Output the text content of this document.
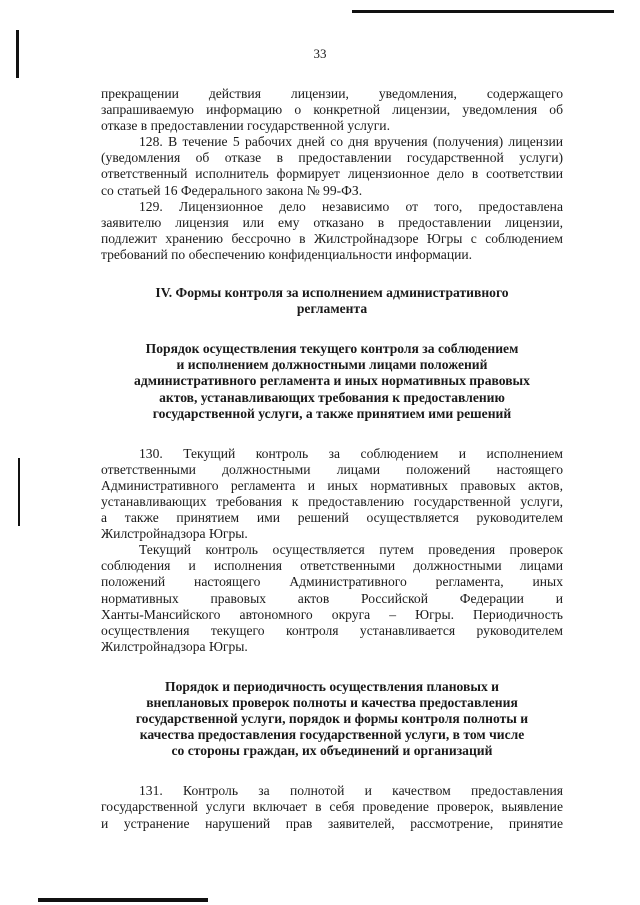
33
прекращении действия лицензии, уведомления, содержащего
запрашиваемую информацию о конкретной лицензии, уведомления об
отказе в предоставлении государственной услуги.
128. В течение 5 рабочих дней со дня вручения (получения) лицензии
(уведомления об отказе в предоставлении государственной услуги)
ответственный исполнитель формирует лицензионное дело в соответствии
со статьей 16 Федерального закона № 99-ФЗ.
129. Лицензионное дело независимо от того, предоставлена
заявителю лицензия или ему отказано в предоставлении лицензии,
подлежит хранению бессрочно в Жилстройнадзоре Югры с соблюдением
требований по обеспечению конфиденциальности информации.
IV. Формы контроля за исполнением административного
регламента
Порядок осуществления текущего контроля за соблюдением
и исполнением должностными лицами положений
административного регламента и иных нормативных правовых
актов, устанавливающих требования к предоставлению
государственной услуги, а также принятием ими решений
130. Текущий контроль за соблюдением и исполнением
ответственными должностными лицами положений настоящего
Административного регламента и иных нормативных правовых актов,
устанавливающих требования к предоставлению государственной услуги,
а также принятием ими решений осуществляется руководителем
Жилстройнадзора Югры.
Текущий контроль осуществляется путем проведения проверок
соблюдения и исполнения ответственными должностными лицами
положений настоящего Административного регламента, иных
нормативных правовых актов Российской Федерации и
Ханты-Мансийского автономного округа – Югры. Периодичность
осуществления текущего контроля устанавливается руководителем
Жилстройнадзора Югры.
Порядок и периодичность осуществления плановых и
внеплановых проверок полноты и качества предоставления
государственной услуги, порядок и формы контроля полноты и
качества предоставления государственной услуги, в том числе
со стороны граждан, их объединений и организаций
131. Контроль за полнотой и качеством предоставления
государственной услуги включает в себя проведение проверок, выявление
и устранение нарушений прав заявителей, рассмотрение, принятие
